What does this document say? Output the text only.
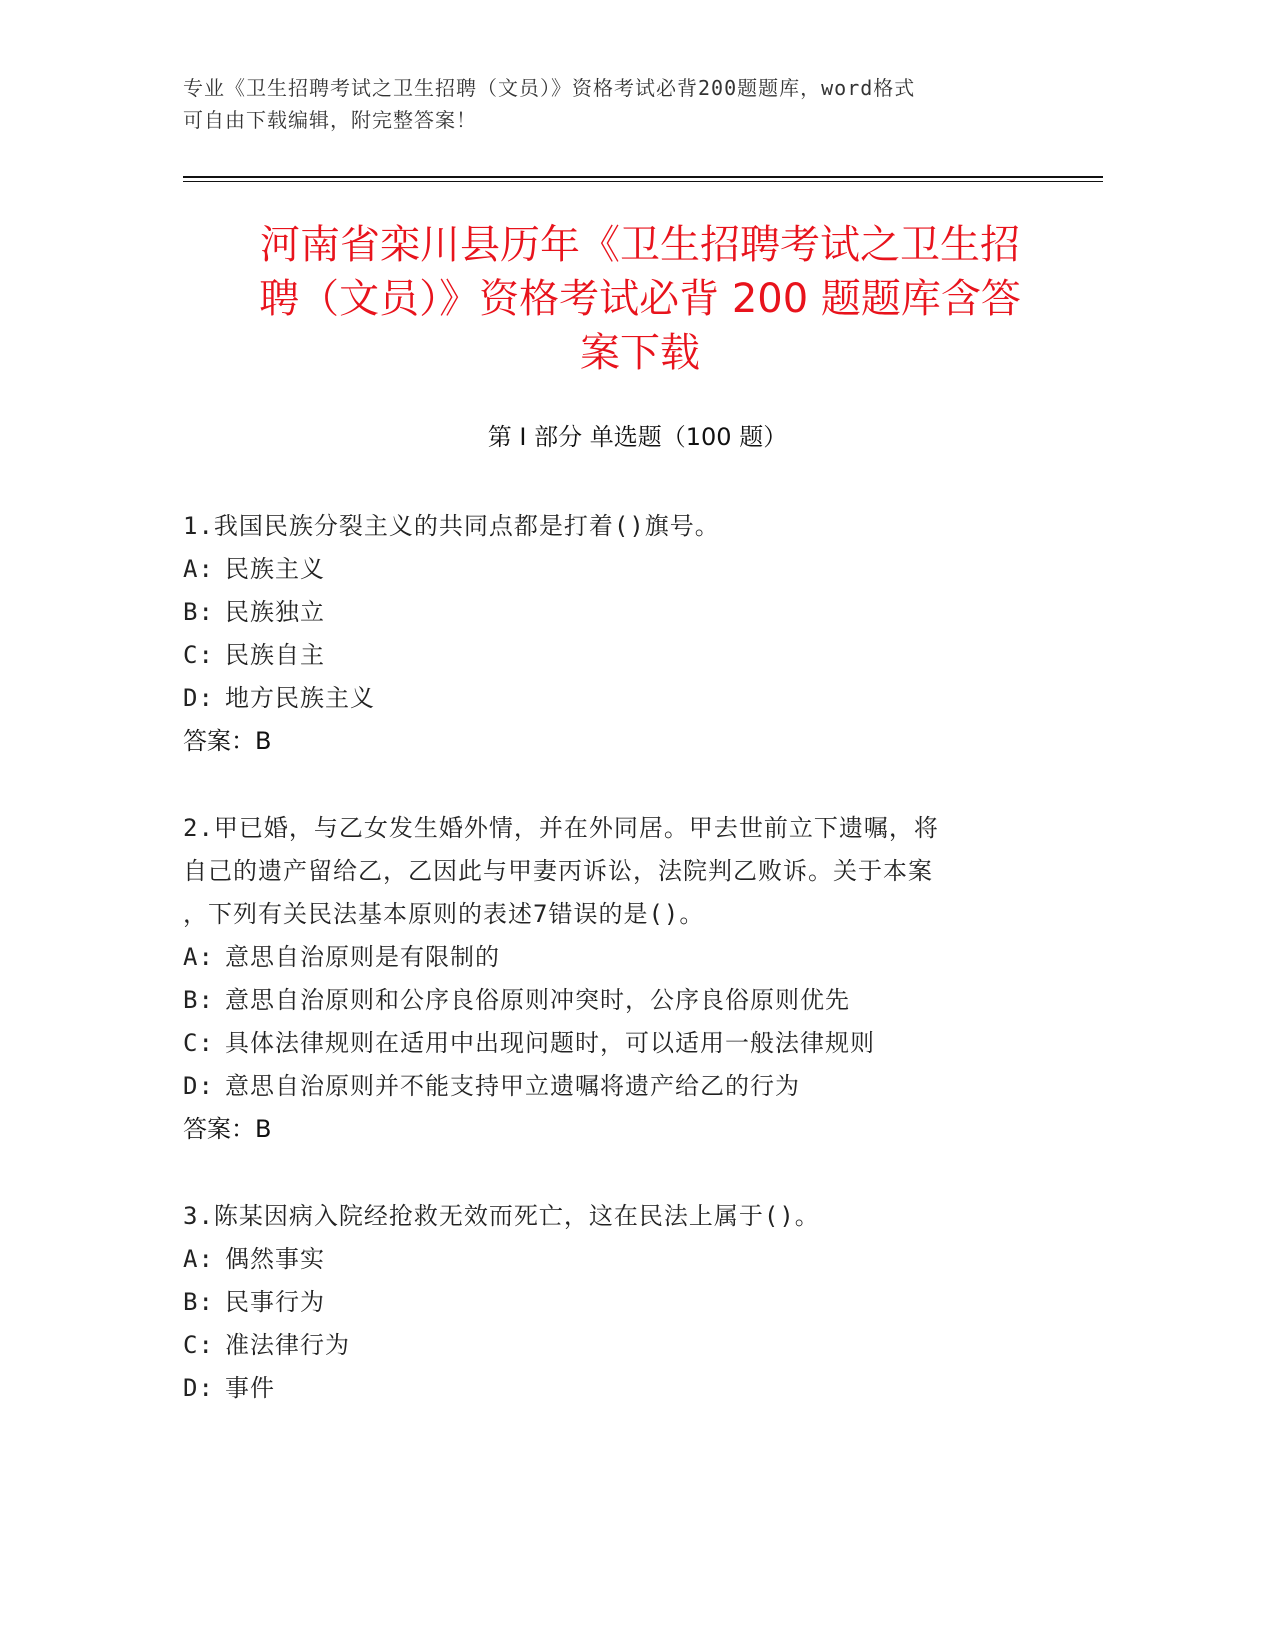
专业《卫生招聘考试之卫生招聘（文员）》资格考试必背200题题库，word格式
可自由下载编辑，附完整答案！
河南省栾川县历年《卫生招聘考试之卫生招
聘（文员）》资格考试必背 200 题题库含答
案下载
第 I 部分 单选题（100 题）
1.我国民族分裂主义的共同点都是打着()旗号。
A: 民族主义
B: 民族独立
C: 民族自主
D: 地方民族主义
答案：B
2.甲已婚，与乙女发生婚外情，并在外同居。甲去世前立下遗嘱，将
自己的遗产留给乙，乙因此与甲妻丙诉讼，法院判乙败诉。关于本案
，下列有关民法基本原则的表述7错误的是()。
A: 意思自治原则是有限制的
B: 意思自治原则和公序良俗原则冲突时，公序良俗原则优先
C: 具体法律规则在适用中出现问题时，可以适用一般法律规则
D: 意思自治原则并不能支持甲立遗嘱将遗产给乙的行为
答案：B
3.陈某因病入院经抢救无效而死亡，这在民法上属于()。
A: 偶然事实
B: 民事行为
C: 准法律行为
D: 事件
